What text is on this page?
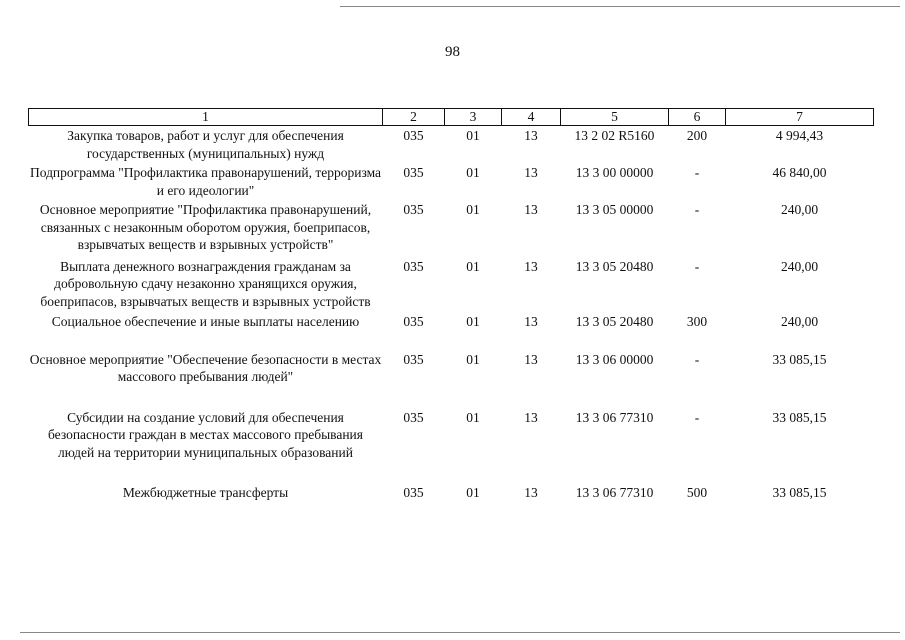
98
1	2	3	4	5	6	7
Закупка товаров, работ и услуг для обеспечения государственных (муниципальных) нужд	035	01	13	13 2 02 R5160	200	4 994,43
Подпрограмма "Профилактика правонарушений, терроризма и его идеологии"	035	01	13	13 3 00 00000	-	46 840,00
Основное мероприятие "Профилактика правонарушений, связанных с незаконным оборотом оружия, боеприпасов, взрывчатых веществ и взрывных устройств"	035	01	13	13 3 05 00000	-	240,00
Выплата денежного вознаграждения гражданам за добровольную сдачу незаконно хранящихся оружия, боеприпасов, взрывчатых веществ и взрывных устройств	035	01	13	13 3 05 20480	-	240,00
Социальное обеспечение и иные выплаты населению	035	01	13	13 3 05 20480	300	240,00
Основное мероприятие "Обеспечение безопасности в местах массового пребывания людей"	035	01	13	13 3 06 00000	-	33 085,15
Субсидии на создание условий для обеспечения безопасности граждан в местах массового пребывания людей на территории муниципальных образований	035	01	13	13 3 06 77310	-	33 085,15
Межбюджетные трансферты	035	01	13	13 3 06 77310	500	33 085,15
